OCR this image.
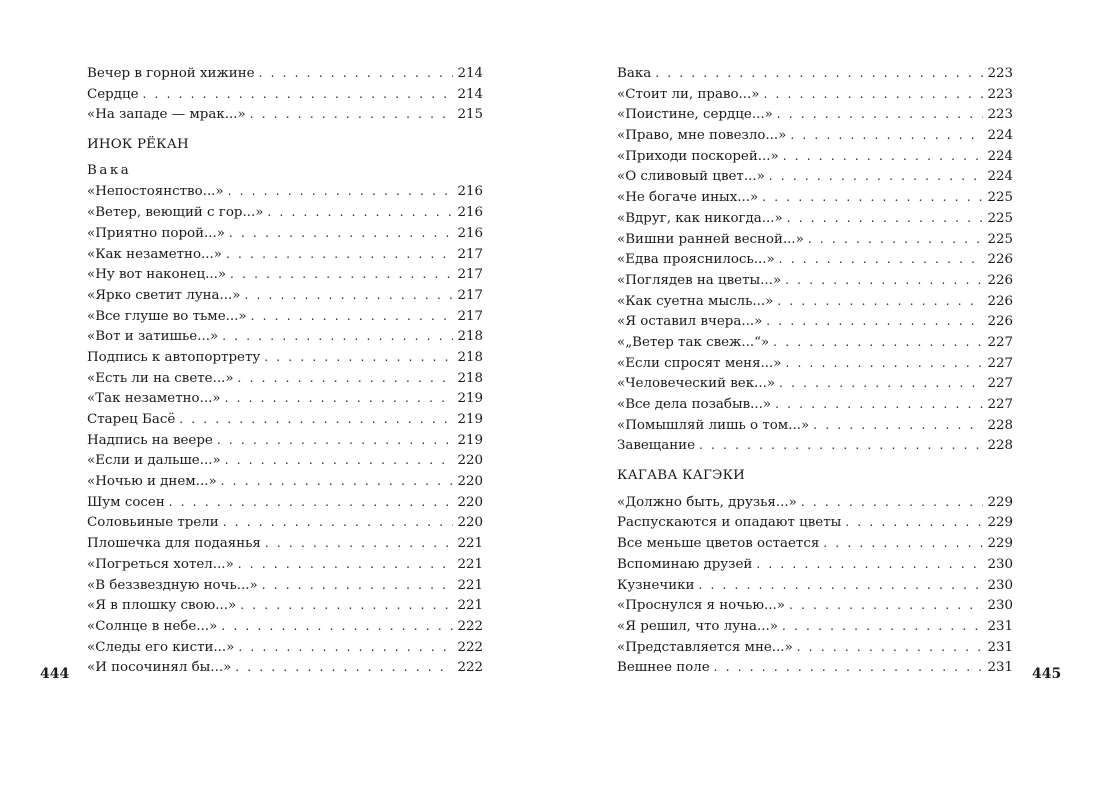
Вечер в горной хижине . . .	214
Сердце . . .	214
«На западе — мрак...» . . .	215
ИНОК РЁКАН
Вака
«Непостоянство...» . . .	216
«Ветер, веющий с гор...» . . .	216
«Приятно порой...» . . .	216
«Как незаметно...» . . .	217
«Ну вот наконец...» . . .	217
«Ярко светит луна...» . . .	217
«Все глуше во тьме...» . . .	217
«Вот и затишье...» . . .	218
Подпись к автопортрету . . .	218
«Есть ли на свете...» . . .	218
«Так незаметно...» . . .	219
Старец Басё . . .	219
Надпись на веере . . .	219
«Если и дальше...» . . .	220
«Ночью и днем...» . . .	220
Шум сосен . . .	220
Соловьиные трели . . .	220
Плошечка для подаянья . . .	221
«Погреться хотел...» . . .	221
«В беззвездную ночь...» . . .	221
«Я в плошку свою...» . . .	221
«Солнце в небе...» . . .	222
«Следы его кисти...» . . .	222
«И посочинял бы...» . . .	222
Вака . . .	223
«Стоит ли, право...» . . .	223
«Поистине, сердце...» . . .	223
«Право, мне повезло...» . . .	224
«Приходи поскорей...» . . .	224
«О сливовый цвет...» . . .	224
«Не богаче иных...» . . .	225
«Вдруг, как никогда...» . . .	225
«Вишни ранней весной...» . . .	225
«Едва прояснилось...» . . .	226
«Поглядев на цветы...» . . .	226
«Как суетна мысль...» . . .	226
«Я оставил вчера...» . . .	226
«„Ветер так свеж...“» . . .	227
«Если спросят меня...» . . .	227
«Человеческий век...» . . .	227
«Все дела позабыв...» . . .	227
«Помышляй лишь о том...» . . .	228
Завещание . . .	228
КАГАВА КАГЭКИ
«Должно быть, друзья...» . . .	229
Распускаются и опадают цветы . . .	229
Все меньше цветов остается . . .	229
Вспоминаю друзей . . .	230
Кузнечики . . .	230
«Проснулся я ночью...» . . .	230
«Я решил, что луна...» . . .	231
«Представляется мне...» . . .	231
Вешнее поле . . .	231
444	445
